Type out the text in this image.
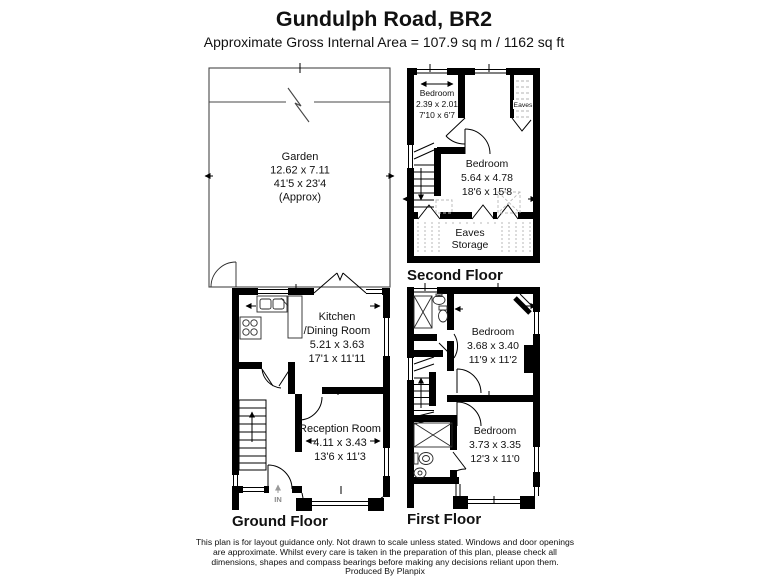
Gundulph Road, BR2
Approximate Gross Internal Area = 107.9 sq m / 1162 sq ft
Garden
12.62 x 7.11
41'5 x 23'4
(Approx)
IN
Kitchen
/Dining Room
5.21 x 3.63
17'1 x 11'11
Reception Room
4.11 x 3.43
13'6 x 11'3
Ground Floor
Eaves
Eaves
Storage
Bedroom
2.39 x 2.01
7'10 x 6'7
Bedroom
5.64 x 4.78
18'6 x 15'8
Second Floor
Bedroom
3.68 x 3.40
11'9 x 11'2
Bedroom
3.73 x 3.35
12'3 x 11'0
First Floor
This plan is for layout guidance only. Not drawn to scale unless stated. Windows and door openings
are approximate. Whilst every care is taken in the preparation of this plan, please check all
dimensions, shapes and compass bearings before making any decisions reliant upon them.
Produced By Planpix
